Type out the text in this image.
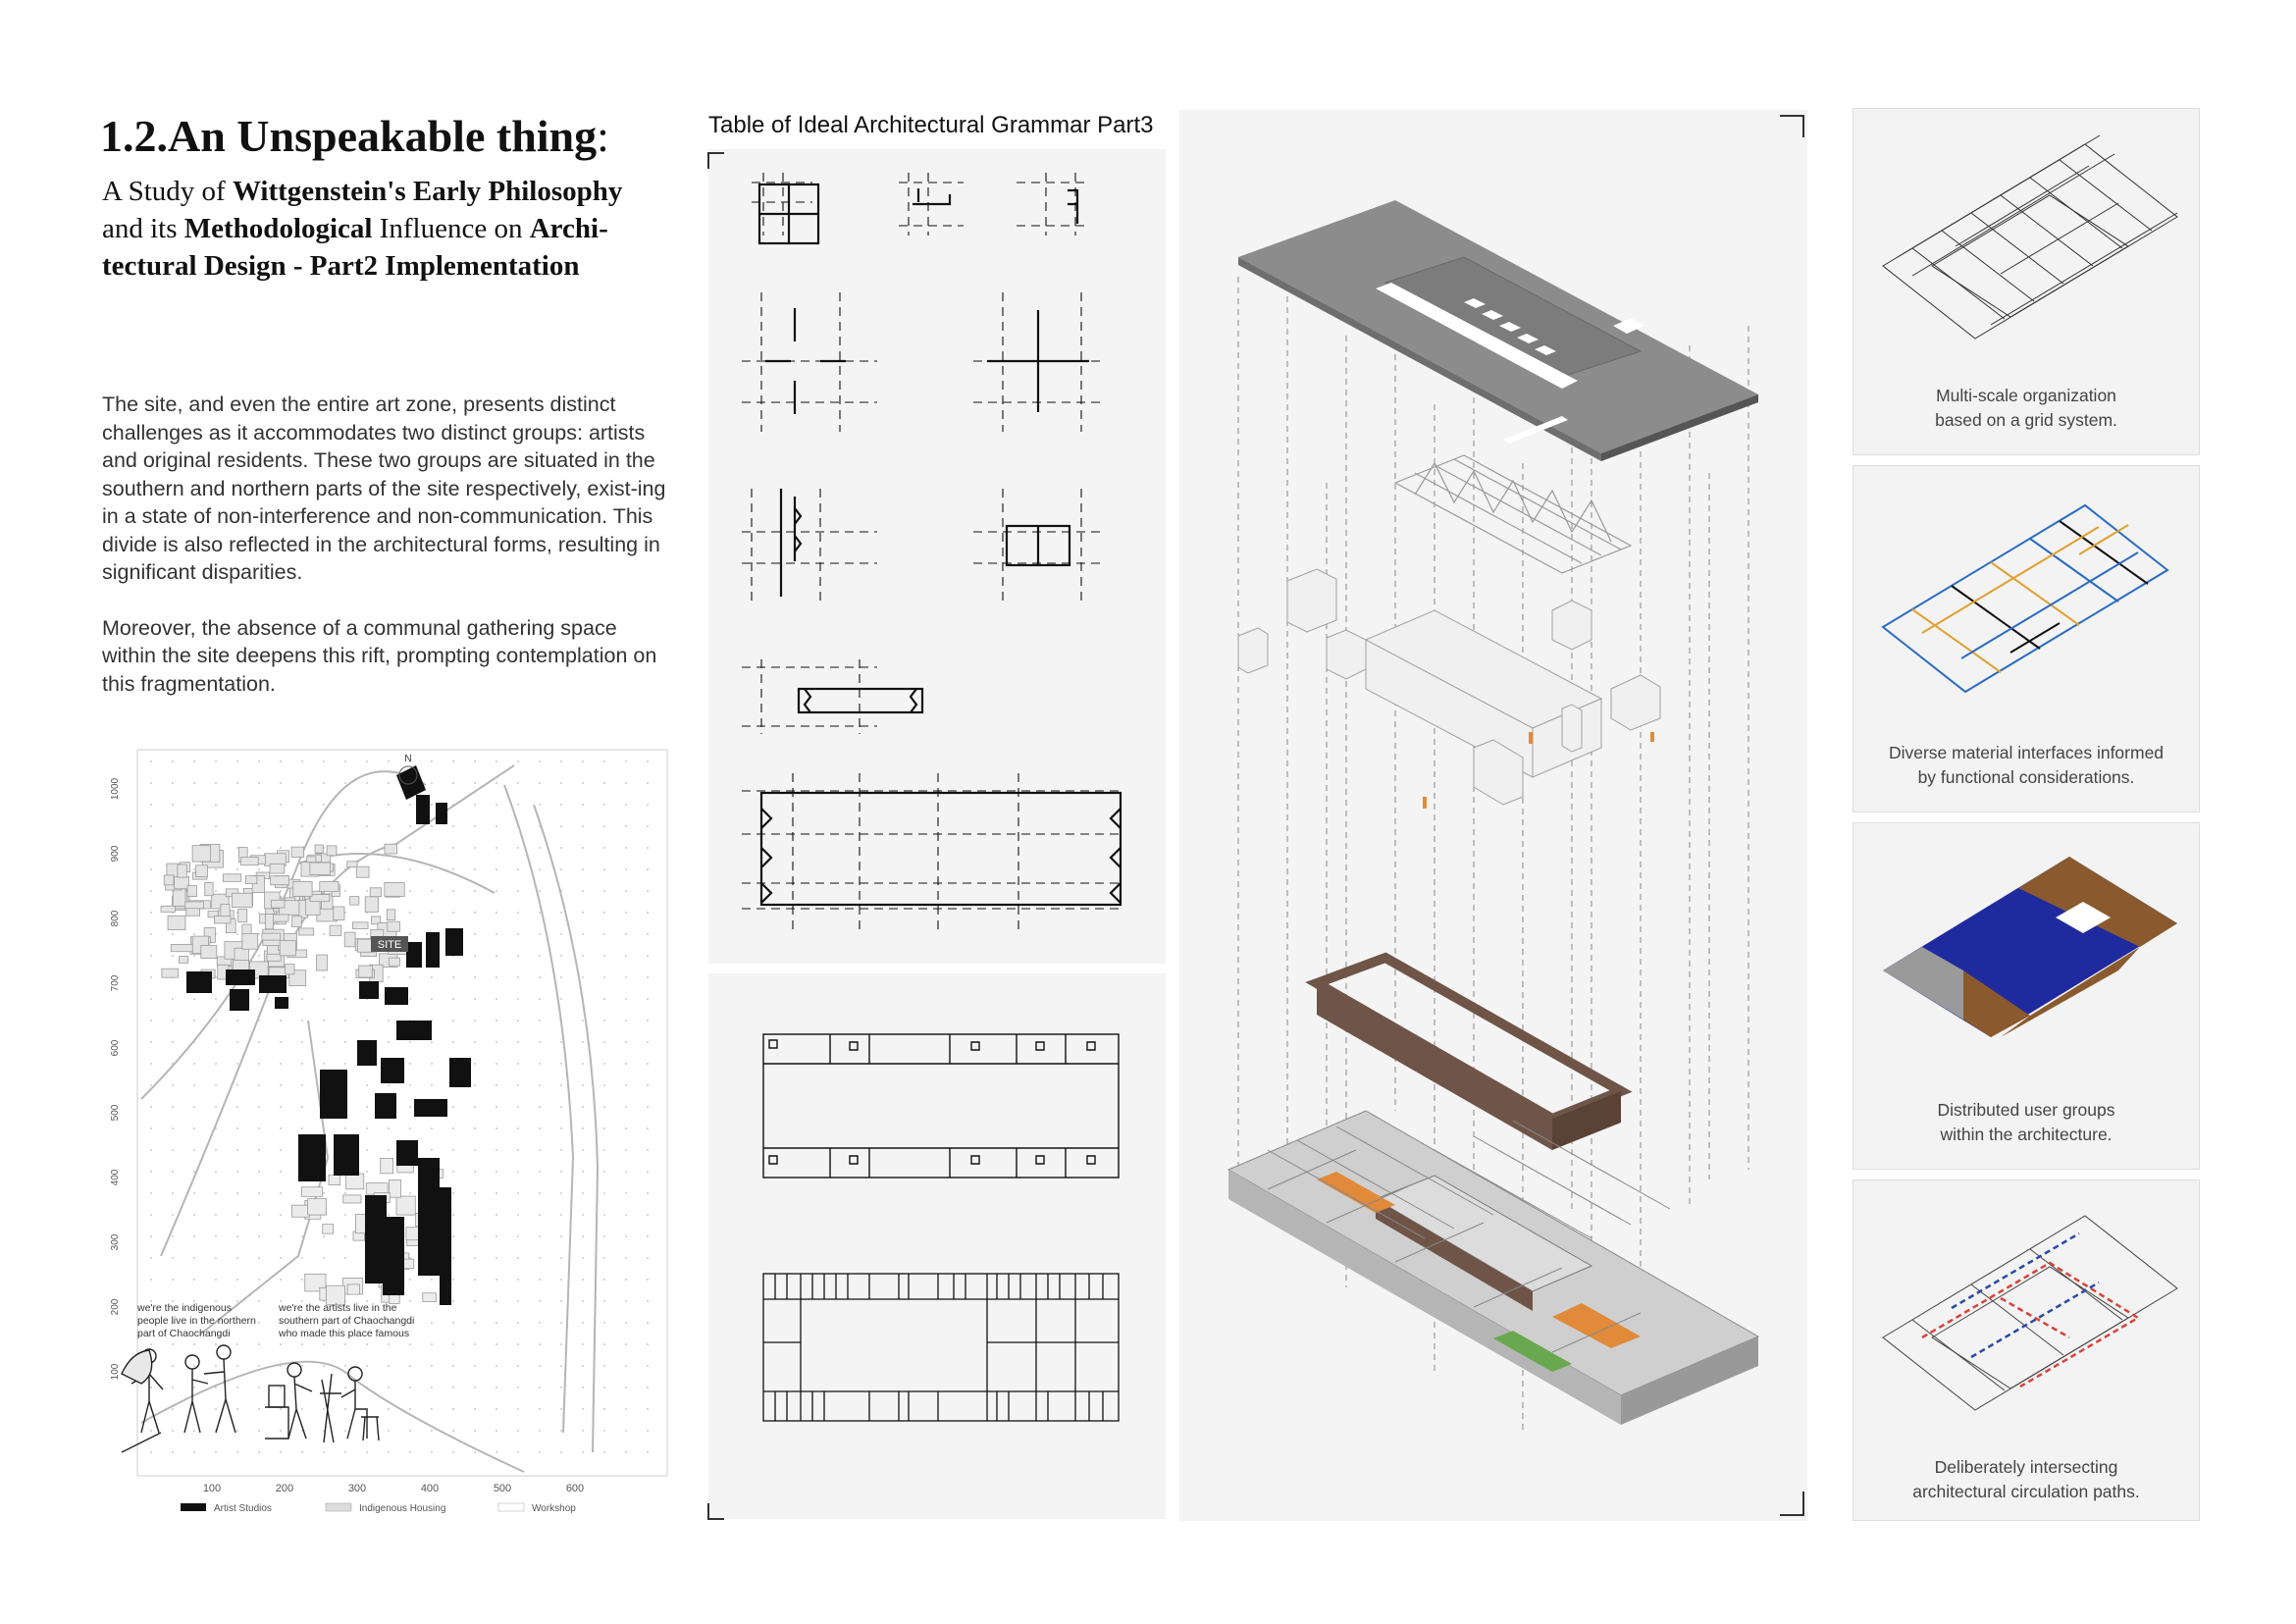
1.2.An Unspeakable thing:
A Study of Wittgenstein's Early Philosophy
and its Methodological Influence on Archi-
tectural Design - Part2 Implementation

The site, and even the entire art zone, presents distinct challenges as it accommodates two distinct groups: artists and original residents. These two groups are situated in the southern and northern parts of the site respectively, exist-ing in a state of non-interference and non-communication. This divide is also reflected in the architectural forms, resulting in significant disparities.

Moreover, the absence of a communal gathering space within the site deepens this rift, prompting contemplation on this fragmentation.

SITE
N
1000
900
800
700
600
500
400
300
200
100
100	200	300	400	500	600
we're the indigenous people live in the northern part of Chaochangdi
we're the artists live in the southern part of Chaochangdi who made this place famous
Artist Studios	Indigenous Housing	Workshop
Table of Ideal Architectural Grammar Part3
Multi-scale organization
based on a grid system.
Diverse material interfaces informed
by functional considerations.
Distributed user groups
within the architecture.
Deliberately intersecting
architectural circulation paths.
